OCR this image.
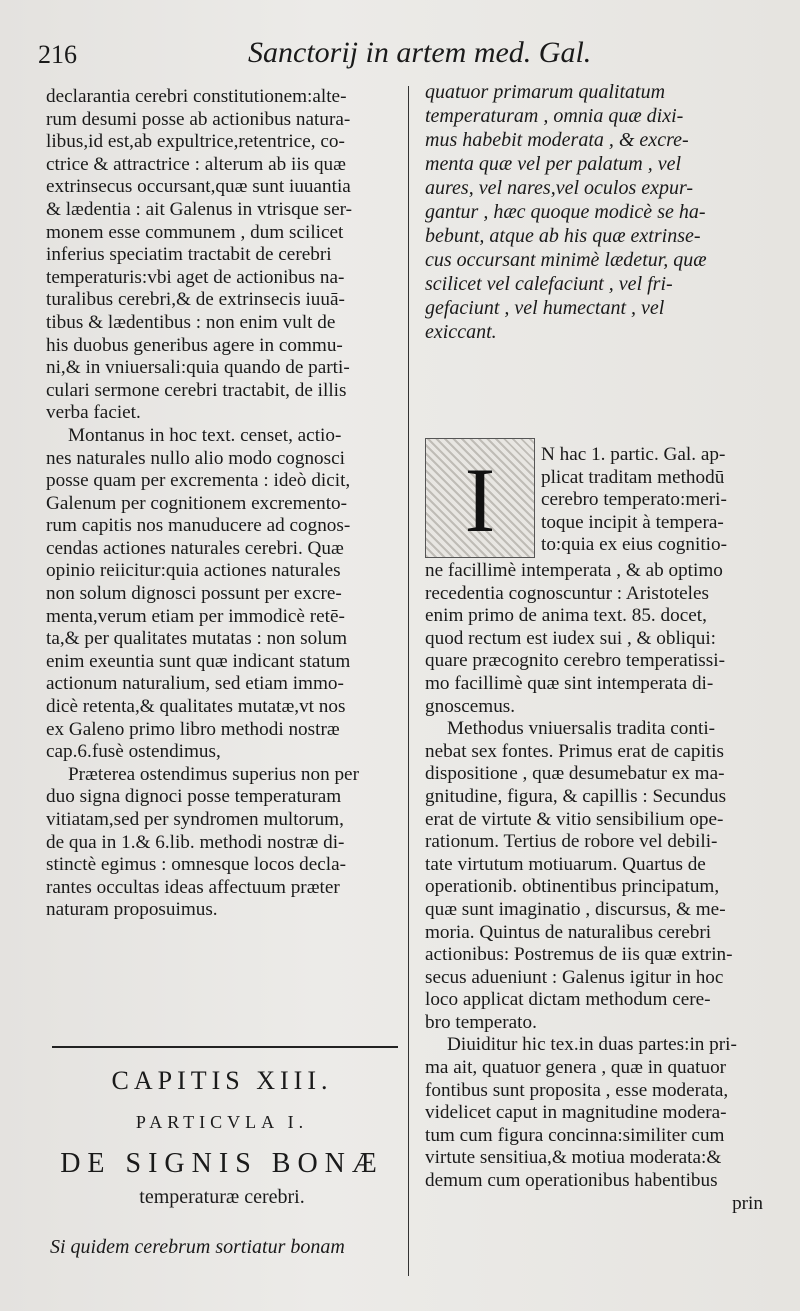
216	Sanctorij in artem med. Gal.
declarantia cerebri constitutionem:alte-
rum desumi posse ab actionibus natura-
libus,id est,ab expultrice,retentrice, co-
ctrice & attractrice : alterum ab iis quæ
extrinsecus occursant,quæ sunt iuuantia
& lædentia : ait Galenus in vtrisque ser-
monem esse communem , dum scilicet
inferius speciatim tractabit de cerebri
temperaturis:vbi aget de actionibus na-
turalibus cerebri,& de extrinsecis iuuā-
tibus & lædentibus : non enim vult de
his duobus generibus agere in commu-
ni,& in vniuersali:quia quando de parti-
culari sermone cerebri tractabit, de illis
verba faciet.
Montanus in hoc text. censet, actio-
nes naturales nullo alio modo cognosci
posse quam per excrementa : ideò dicit,
Galenum per cognitionem excremento-
rum capitis nos manuducere ad cognos-
cendas actiones naturales cerebri. Quæ
opinio reiicitur:quia actiones naturales
non solum dignosci possunt per excre-
menta,verum etiam per immodicè retē-
ta,& per qualitates mutatas : non solum
enim exeuntia sunt quæ indicant statum
actionum naturalium, sed etiam immo-
dicè retenta,& qualitates mutatæ,vt nos
ex Galeno primo libro methodi nostræ
cap.6.fusè ostendimus,
Præterea ostendimus superius non per
duo signa dignoci posse temperaturam
vitiatam,sed per syndromen multorum,
de qua in 1.& 6.lib. methodi nostræ di-
stinctè egimus : omnesque locos decla-
rantes occultas ideas affectuum præter
naturam proposuimus.
CAPITIS XIII.
PARTICVLA I.
DE SIGNIS BONÆ
temperaturæ cerebri.
Si quidem cerebrum sortiatur bonam
quatuor primarum qualitatum
temperaturam , omnia quæ dixi-
mus habebit moderata , & excre-
menta quæ vel per palatum , vel
aures, vel nares,vel oculos expur-
gantur , hæc quoque modicè se ha-
bebunt, atque ab his quæ extrinse-
cus occursant minimè lædetur, quæ
scilicet vel calefaciunt , vel fri-
gefaciunt , vel humectant , vel
exiccant.
I	N hac 1. partic. Gal. ap-
plicat traditam methodū
cerebro temperato:meri-
toque incipit à tempera-
to:quia ex eius cognitio-
ne facillimè intemperata , & ab optimo
recedentia cognoscuntur : Aristoteles
enim primo de anima text. 85. docet,
quod rectum est iudex sui , & obliqui:
quare præcognito cerebro temperatissi-
mo facillimè quæ sint intemperata di-
gnoscemus.
Methodus vniuersalis tradita conti-
nebat sex fontes. Primus erat de capitis
dispositione , quæ desumebatur ex ma-
gnitudine, figura, & capillis : Secundus
erat de virtute & vitio sensibilium ope-
rationum. Tertius de robore vel debili-
tate virtutum motiuarum. Quartus de
operationib. obtinentibus principatum,
quæ sunt imaginatio , discursus, & me-
moria. Quintus de naturalibus cerebri
actionibus: Postremus de iis quæ extrin-
secus adueniunt : Galenus igitur in hoc
loco applicat dictam methodum cere-
bro temperato.
Diuiditur hic tex.in duas partes:in pri-
ma ait, quatuor genera , quæ in quatuor
fontibus sunt proposita , esse moderata,
videlicet caput in magnitudine modera-
tum cum figura concinna:similiter cum
virtute sensitiua,& motiua moderata:&
demum cum operationibus habentibus
prin
